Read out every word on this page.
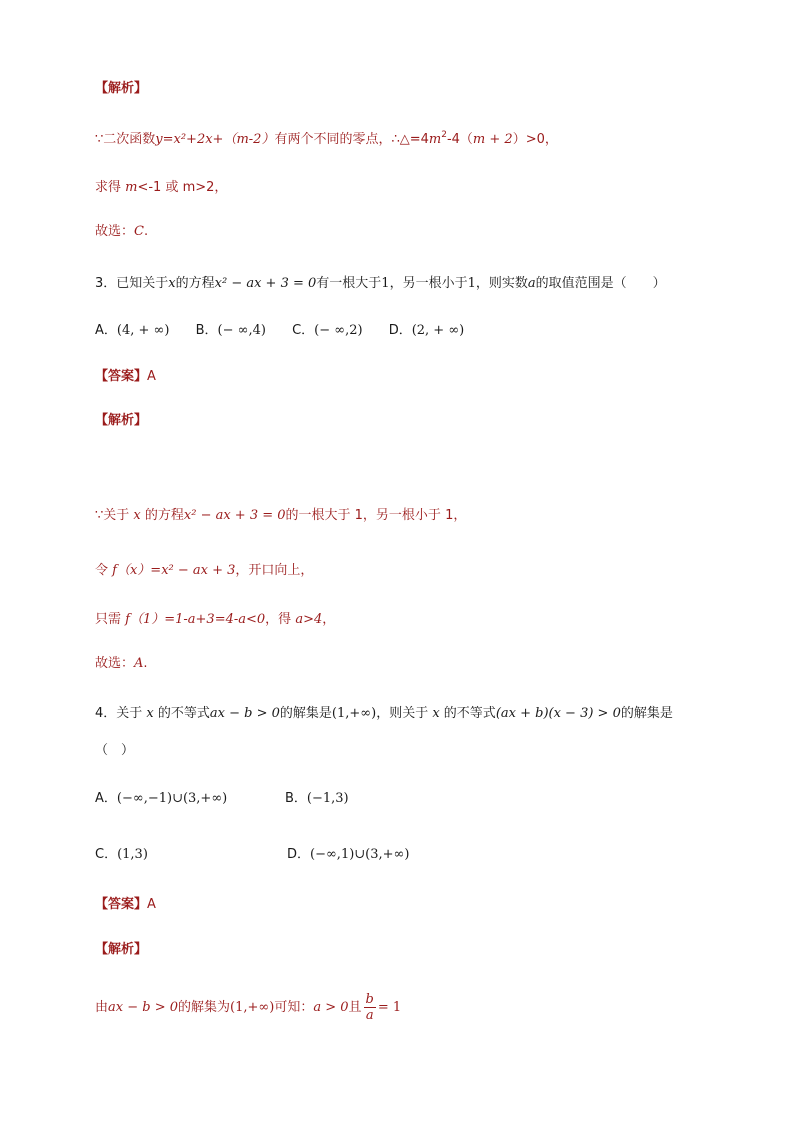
【解析】
∵二次函数y=x²+2x+（m-2）有两个不同的零点，$\therefore\triangle=4m^2-4(m + 2)>0$，
求得 m<-1 或 m>2，
故选：C.
3．已知关于x的方程x² − ax + 3 = 0有一根大于1，另一根小于1，则实数a的取值范围是（　　）
A．(4, + ∞) B．(− ∞,4) C．(− ∞,2) D．(2, + ∞)
【答案】A
【解析】
∵关于 x 的方程x² − ax + 3 = 0的一根大于 1，另一根小于 1，
令 f（x）=x² − ax + 3，开口向上，
只需 f（1）=1-a+3=4-a<0，得 a>4，
故选：A.
4．关于 x 的不等式ax − b > 0的解集是(1,+∞)，则关于 x 的不等式(ax + b)(x − 3) > 0的解集是
（　）
A．(−∞,−1)∪(3,+∞)	B．(−1,3)
C．(1,3)	D．(−∞,1)∪(3,+∞)
【答案】A
【解析】
由ax − b > 0的解集为(1,+∞)可知：a > 0且 $\frac{b}{a} = 1$
